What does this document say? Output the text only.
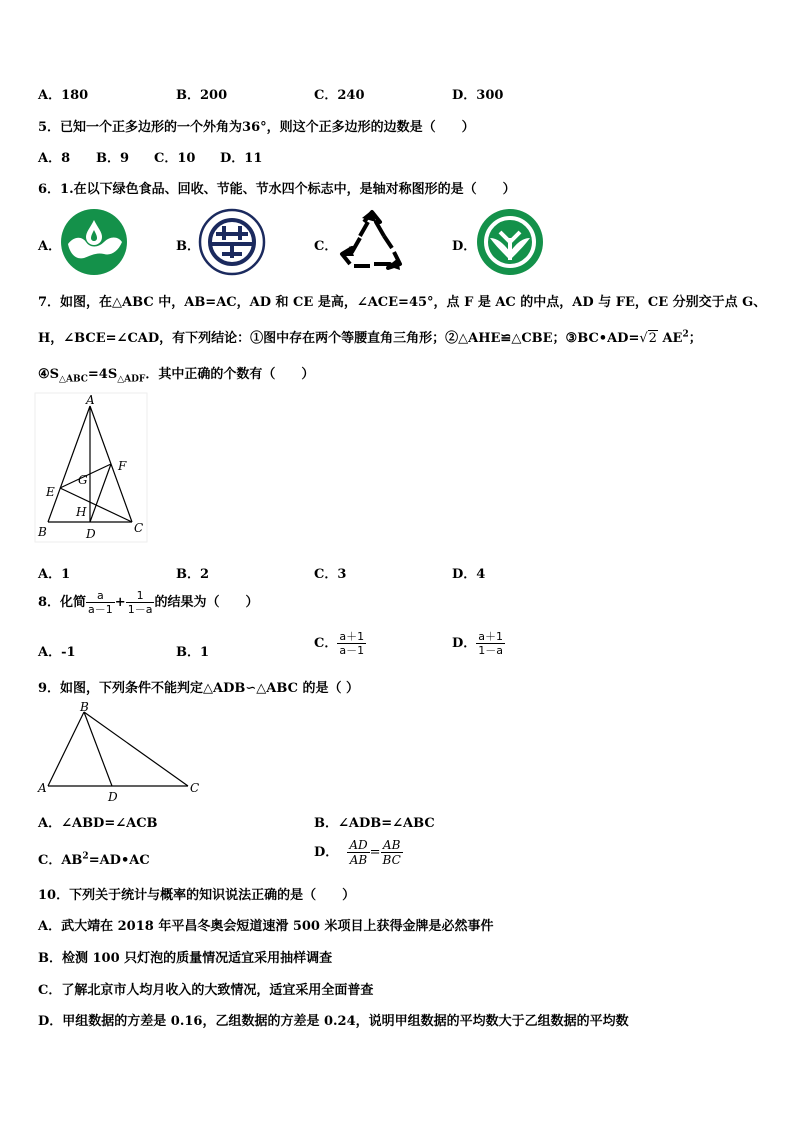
A．180	B．200	C．240	D．300
5．已知一个正多边形的一个外角为36°，则这个正多边形的边数是（　　）
A．8 B．9 C．10 D．11
6．1.在以下绿色食品、回收、节能、节水四个标志中，是轴对称图形的是（　　）
A．	B．	C．	D．
7．如图，在△ABC 中，AB=AC，AD 和 CE 是高，∠ACE=45°，点 F 是 AC 的中点，AD 与 FE，CE 分别交于点 G、
H，∠BCE=∠CAD，有下列结论：①图中存在两个等腰直角三角形；②△AHE≌△CBE；③BC•AD=√2 $AE^2$；
$④S_{\triangle ABC}=4S_{\triangle ADF}$．其中正确的个数有（　　）
A
B	C
D
E
F
G
H
A．1	B．2	C．3	D．4
8．化简 $\frac{a}{a-1} + \frac{1}{1-a}$ 的结果为（　　）
A．-1	B．1
C． $\frac{a+1}{a-1}$	D． $\frac{a+1}{1-a}$
9．如图，下列条件不能判定△ADB∽△ABC 的是（ ）
B
A	C
D
A．∠ABD=∠ACB	B．∠ADB=∠ABC
C．$AB^2=AD•AC$
D． $\frac{AD}{AB} = \frac{AB}{BC}$
10．下列关于统计与概率的知识说法正确的是（　　）
A．武大靖在 2018 年平昌冬奥会短道速滑 500 米项目上获得金牌是必然事件
B．检测 100 只灯泡的质量情况适宜采用抽样调查
C．了解北京市人均月收入的大致情况，适宜采用全面普查
D．甲组数据的方差是 0.16，乙组数据的方差是 0.24，说明甲组数据的平均数大于乙组数据的平均数
